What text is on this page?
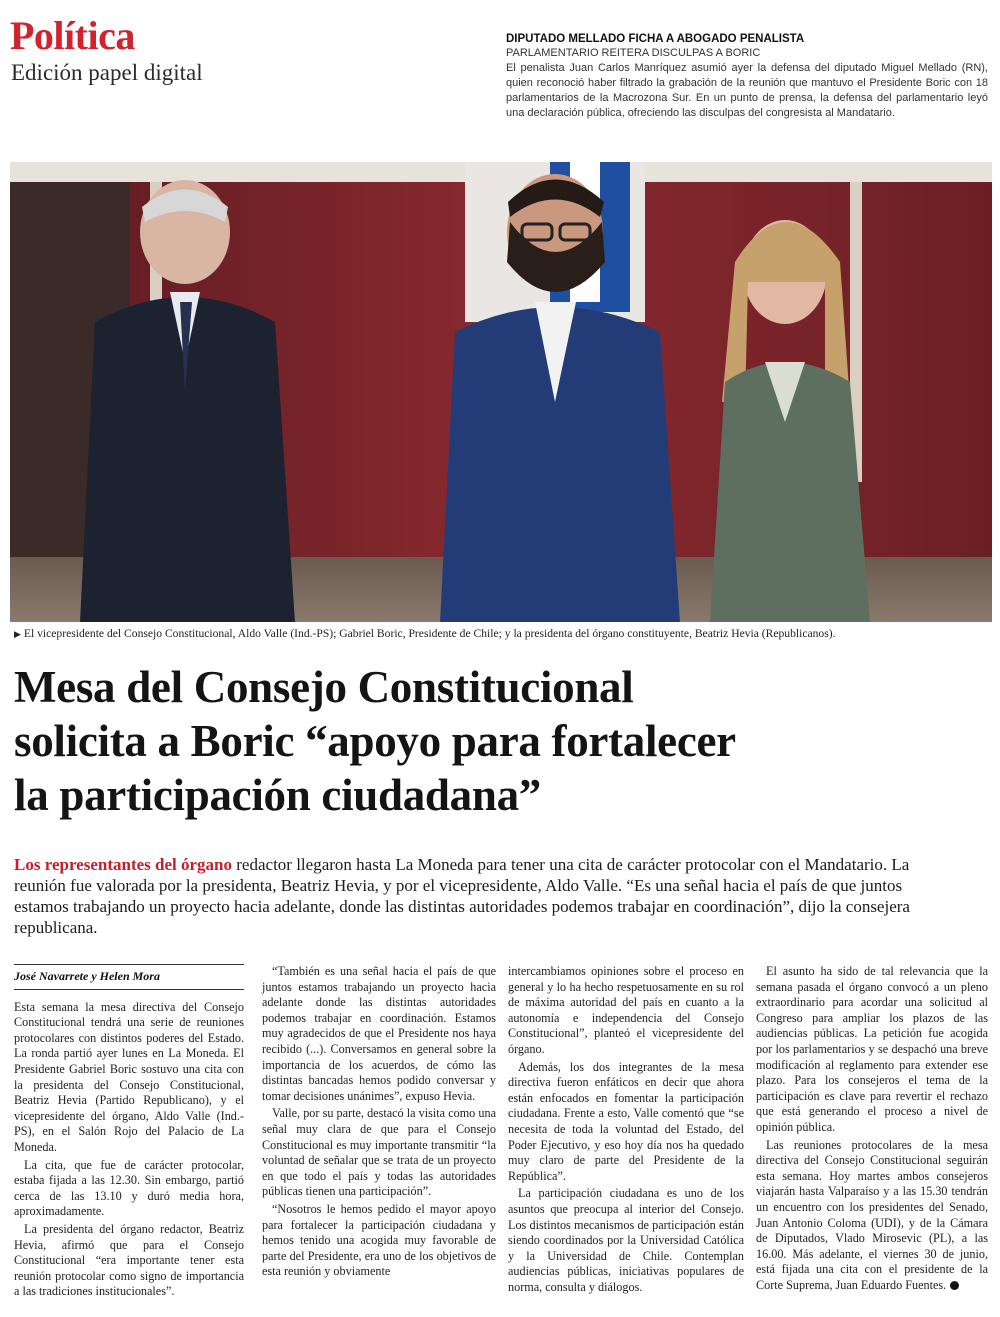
Política
Edición papel digital

DIPUTADO MELLADO FICHA A ABOGADO PENALISTA

PARLAMENTARIO REITERA DISCULPAS A BORIC

El penalista Juan Carlos Manríquez asumió ayer la defensa del diputado Miguel Mellado (RN), quien reconoció haber filtrado la grabación de la reunión que mantuvo el Presidente Boric con 18 parlamentarios de la Macrozona Sur. En un punto de prensa, la defensa del parlamentario leyó una declaración pública, ofreciendo las disculpas del congresista al Mandatario.

▶ El vicepresidente del Consejo Constitucional, Aldo Valle (Ind.-PS); Gabriel Boric, Presidente de Chile; y la presidenta del órgano constituyente, Beatriz Hevia (Republicanos).
Mesa del Consejo Constitucional
solicita a Boric “apoyo para fortalecer
la participación ciudadana”

Los representantes del órgano redactor llegaron hasta La Moneda para tener una cita de carácter protocolar con el Mandatario. La reunión fue valorada por la presidenta, Beatriz Hevia, y por el vicepresidente, Aldo Valle. “Es una señal hacia el país de que juntos estamos trabajando un proyecto hacia adelante, donde las distintas autoridades podemos trabajar en coordinación”, dijo la consejera republicana.

José Navarrete y Helen Mora

Esta semana la mesa directiva del Consejo Constitucional tendrá una serie de reuniones protocolares con distintos poderes del Estado. La ronda partió ayer lunes en La Moneda. El Presidente Gabriel Boric sostuvo una cita con la presidenta del Consejo Constitucional, Beatriz Hevia (Partido Republicano), y el vicepresidente del órgano, Aldo Valle (Ind.-PS), en el Salón Rojo del Palacio de La Moneda.

La cita, que fue de carácter protocolar, estaba fijada a las 12.30. Sin embargo, partió cerca de las 13.10 y duró media hora, aproximadamente.

La presidenta del órgano redactor, Beatriz Hevia, afirmó que para el Consejo Constitucional “era importante tener esta reunión protocolar como signo de importancia a las tradiciones institucionales”.

“También es una señal hacia el país de que juntos estamos trabajando un proyecto hacia adelante donde las distintas autoridades podemos trabajar en coordinación. Estamos muy agradecidos de que el Presidente nos haya recibido (...). Conversamos en general sobre la importancia de los acuerdos, de cómo las distintas bancadas hemos podido conversar y tomar decisiones unánimes”, expuso Hevia.

Valle, por su parte, destacó la visita como una señal muy clara de que para el Consejo Constitucional es muy importante transmitir “la voluntad de señalar que se trata de un proyecto en que todo el país y todas las autoridades públicas tienen una participación”.

“Nosotros le hemos pedido el mayor apoyo para fortalecer la participación ciudadana y hemos tenido una acogida muy favorable de parte del Presidente, era uno de los objetivos de esta reunión y obviamente

intercambiamos opiniones sobre el proceso en general y lo ha hecho respetuosamente en su rol de máxima autoridad del país en cuanto a la autonomía e independencia del Consejo Constitucional”, planteó el vicepresidente del órgano.

Además, los dos integrantes de la mesa directiva fueron enfáticos en decir que ahora están enfocados en fomentar la participación ciudadana. Frente a esto, Valle comentó que “se necesita de toda la voluntad del Estado, del Poder Ejecutivo, y eso hoy día nos ha quedado muy claro de parte del Presidente de la República”.

La participación ciudadana es uno de los asuntos que preocupa al interior del Consejo. Los distintos mecanismos de participación están siendo coordinados por la Universidad Católica y la Universidad de Chile. Contemplan audiencias públicas, iniciativas populares de norma, consulta y diálogos.

El asunto ha sido de tal relevancia que la semana pasada el órgano convocó a un pleno extraordinario para acordar una solicitud al Congreso para ampliar los plazos de las audiencias públicas. La petición fue acogida por los parlamentarios y se despachó una breve modificación al reglamento para extender ese plazo. Para los consejeros el tema de la participación es clave para revertir el rechazo que está generando el proceso a nivel de opinión pública.

Las reuniones protocolares de la mesa directiva del Consejo Constitucional seguirán esta semana. Hoy martes ambos consejeros viajarán hasta Valparaíso y a las 15.30 tendrán un encuentro con los presidentes del Senado, Juan Antonio Coloma (UDI), y de la Cámara de Diputados, Vlado Mirosevic (PL), a las 16.00. Más adelante, el viernes 30 de junio, está fijada una cita con el presidente de la Corte Suprema, Juan Eduardo Fuentes.
